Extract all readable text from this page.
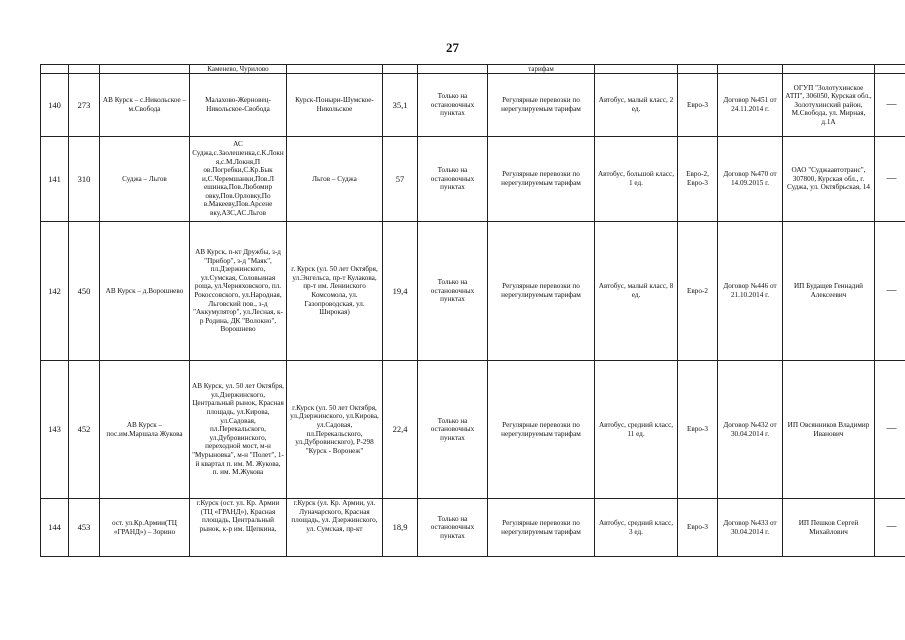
27
			Каменево, Чурилово				тарифам					
140	273	АВ Курск – с.Никольское – м.Свобода	Малахово-Жерновец-Никольское-Свобода	Курск-Понырн-Шумское-Никольское	35,1	Только на остановочных пунктах	Регулярные перевозки по нерегулируемым тарифам	Автобус, малый класс, 2 ед.	Евро-3	Договор №451 от 24.11.2014 г.	ОГУП "Золотухинское АТП", 306050, Курская обл., Золотухинский район, М.Свобода, ул. Мирная, д.1А	—
141	310	Суджа – Льгов	АС Суджа,с.Заолешенка,с.К.Локня,с.М.Локня,П ов.Погребки,С.Кр.Бык и,С.Черемшанки,Пов.Л ешинка,Пов.Любомир овку,Пов.Орловку,По в.Макееву,Пов.Арсене вку,АЗС,АС.Льгов	Льгов – Суджа	57	Только на остановочных пунктах	Регулярные перевозки по нерегулируемым тарифам	Автобус, большой класс, 1 ед.	Евро-2, Евро-3	Договор №470 от 14.09.2015 г.	ОАО "Суджаавтотранс", 307800, Курская обл., г. Суджа, ул. Октябрьская, 14	—
142	450	АВ Курск – д.Ворошнево	АВ Курск, п-кт Дружбы, з-д "Прибор", з-д "Маяк", пл.Дзержинского, ул.Сумская, Соловьиная роща, ул.Черняховского, пл. Рокоссовского, ул.Народная, Льговский пов., з-д "Аккумулятор", ул.Лесная, к-р Родина, ДК "Волокно", Ворошнево	г. Курск (ул. 50 лет Октября, ул.Энгельса, пр-т Кулакова, пр-т им. Ленинского Комсомола, ул. Газопроводская, ул. Широкая)	19,4	Только на остановочных пунктах	Регулярные перевозки по нерегулируемым тарифам	Автобус, малый класс, 8 ед.	Евро-2	Договор №446 от 21.10.2014 г.	ИП Будащев Геннадий Алексеевич	—
143	452	АВ Курск – пос.им.Маршала Жукова	АВ Курск, ул. 50 лет Октября, ул.Дзержинского, Центральный рынок, Красная площадь, ул.Кирова, ул.Садовая, пл.Перекальского, ул.Дубровинского, переходной мост, м-н "Мурыновка", м-н "Полет", 1-й квартал п. им. М. Жукова, п. им. М.Жукова	г.Курск (ул. 50 лет Октября, ул.Дзержинского, ул.Кирова, ул.Садовая, пл.Перекальского, ул.Дубровинского), Р-298 "Курск - Воронеж"	22,4	Только на остановочных пунктах	Регулярные перевозки по нерегулируемым тарифам	Автобус, средний класс, 11 ед.	Евро-3	Договор №432 от 30.04.2014 г.	ИП Овсянников Владимир Иванович	—
144	453	ост. ул.Кр.Армии(ТЦ «ГРАНД») – Зорино	г.Курск (ост. ул. Кр. Армии (ТЦ «ГРАНД»), Красная площадь, Центральный рынок, к-р им. Щепкина,	г.Курск (ул. Кр. Армии, ул. Луначарского, Красная площадь, ул. Дзержинского, ул. Сумская, пр-кт	18,9	Только на остановочных пунктах	Регулярные перевозки по нерегулируемым тарифам	Автобус, средний класс, 3 ед.	Евро-3	Договор №433 от 30.04.2014 г.	ИП Пешков Сергей Михайлович	—
